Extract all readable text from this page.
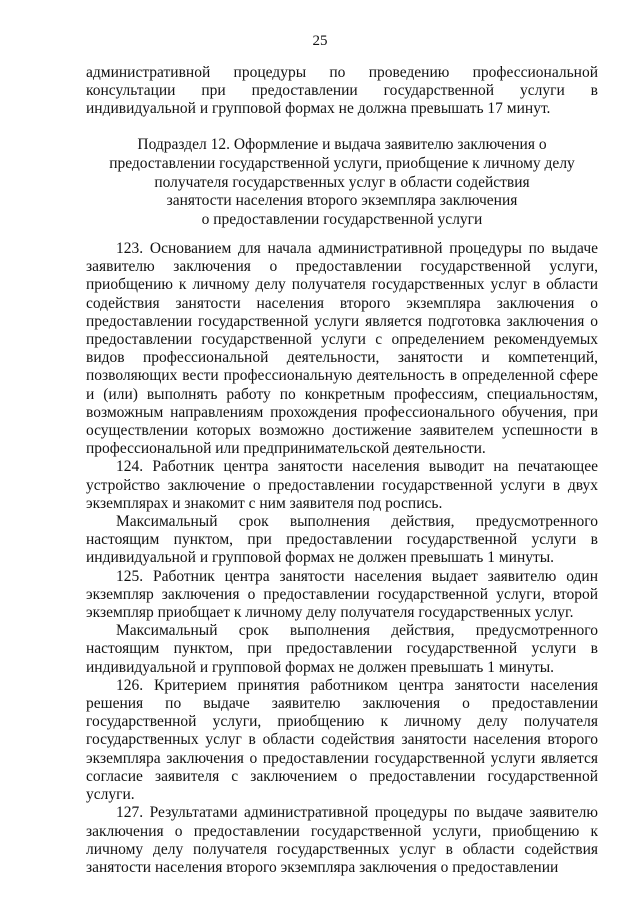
25

административной процедуры по проведению профессиональной консультации при предоставлении государственной услуги в индивидуальной и групповой формах не должна превышать 17 минут.

Подраздел 12. Оформление и выдача заявителю заключения о
предоставлении государственной услуги, приобщение к личному делу
получателя государственных услуг в области содействия
занятости населения второго экземпляра заключения
о предоставлении государственной услуги

123. Основанием для начала административной процедуры по выдаче заявителю заключения о предоставлении государственной услуги, приобщению к личному делу получателя государственных услуг в области содействия занятости населения второго экземпляра заключения о предоставлении государственной услуги является подготовка заключения о предоставлении государственной услуги с определением рекомендуемых видов профессиональной деятельности, занятости и компетенций, позволяющих вести профессиональную деятельность в определенной сфере и (или) выполнять работу по конкретным профессиям, специальностям, возможным направлениям прохождения профессионального обучения, при осуществлении которых возможно достижение заявителем успешности в профессиональной или предпринимательской деятельности.

124. Работник центра занятости населения выводит на печатающее устройство заключение о предоставлении государственной услуги в двух экземплярах и знакомит с ним заявителя под роспись.

Максимальный срок выполнения действия, предусмотренного настоящим пунктом, при предоставлении государственной услуги в индивидуальной и групповой формах не должен превышать 1 минуты.

125. Работник центра занятости населения выдает заявителю один экземпляр заключения о предоставлении государственной услуги, второй экземпляр приобщает к личному делу получателя государственных услуг.

Максимальный срок выполнения действия, предусмотренного настоящим пунктом, при предоставлении государственной услуги в индивидуальной и групповой формах не должен превышать 1 минуты.

126. Критерием принятия работником центра занятости населения решения по выдаче заявителю заключения о предоставлении государственной услуги, приобщению к личному делу получателя государственных услуг в области содействия занятости населения второго экземпляра заключения о предоставлении государственной услуги является согласие заявителя с заключением о предоставлении государственной услуги.

127. Результатами административной процедуры по выдаче заявителю заключения о предоставлении государственной услуги, приобщению к личному делу получателя государственных услуг в области содействия занятости населения второго экземпляра заключения о предоставлении
